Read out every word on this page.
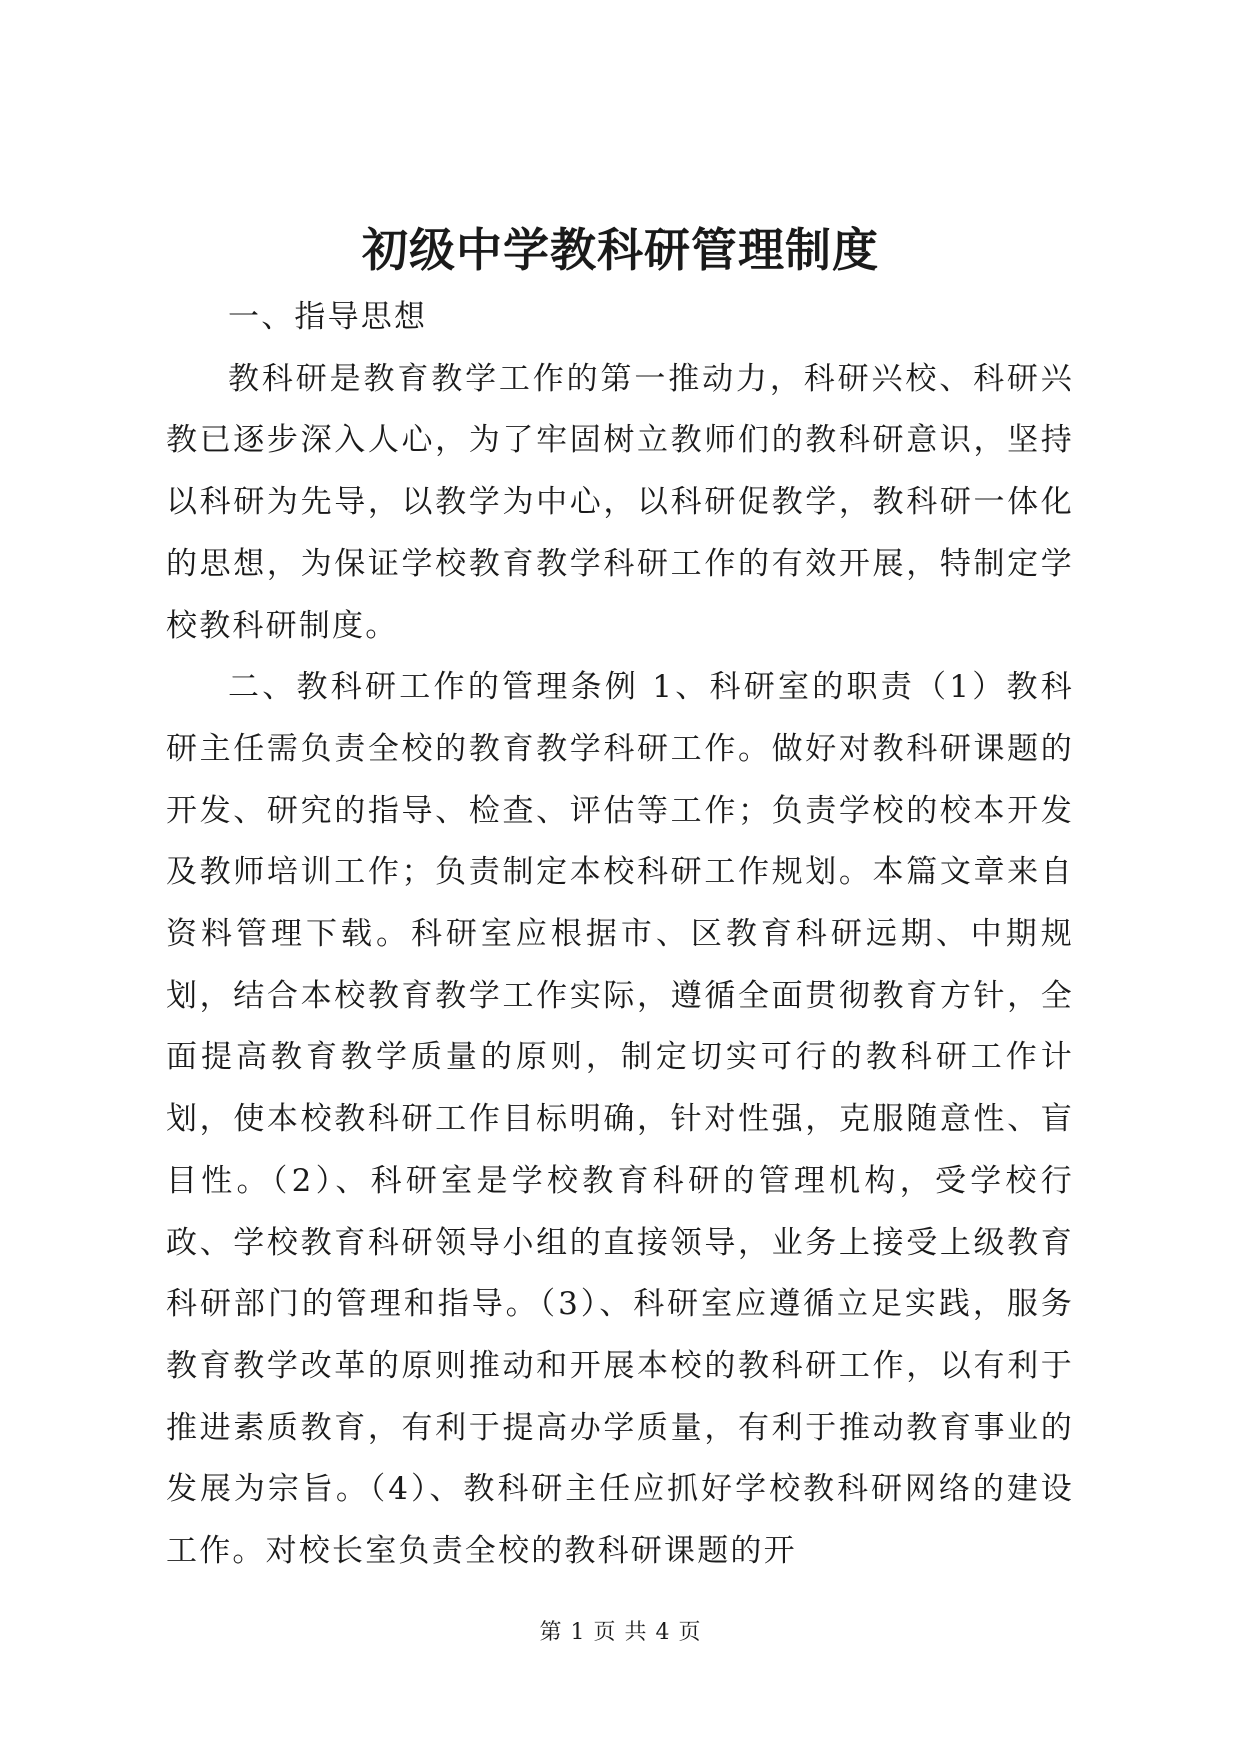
初级中学教科研管理制度

一、指导思想

教科研是教育教学工作的第一推动力，科研兴校、科研兴教已逐步深入人心，为了牢固树立教师们的教科研意识，坚持以科研为先导，以教学为中心，以科研促教学，教科研一体化的思想，为保证学校教育教学科研工作的有效开展，特制定学校教科研制度。

二、教科研工作的管理条例 1、科研室的职责（1）教科研主任需负责全校的教育教学科研工作。做好对教科研课题的开发、研究的指导、检查、评估等工作；负责学校的校本开发及教师培训工作；负责制定本校科研工作规划。本篇文章来自资料管理下载。科研室应根据市、区教育科研远期、中期规划，结合本校教育教学工作实际，遵循全面贯彻教育方针，全面提高教育教学质量的原则，制定切实可行的教科研工作计划，使本校教科研工作目标明确，针对性强，克服随意性、盲目性。（2）、科研室是学校教育科研的管理机构，受学校行政、学校教育科研领导小组的直接领导，业务上接受上级教育科研部门的管理和指导。（3）、科研室应遵循立足实践，服务教育教学改革的原则推动和开展本校的教科研工作，以有利于推进素质教育，有利于提高办学质量，有利于推动教育事业的发展为宗旨。（4）、教科研主任应抓好学校教科研网络的建设工作。对校长室负责全校的教科研课题的开

第 1 页 共 4 页
